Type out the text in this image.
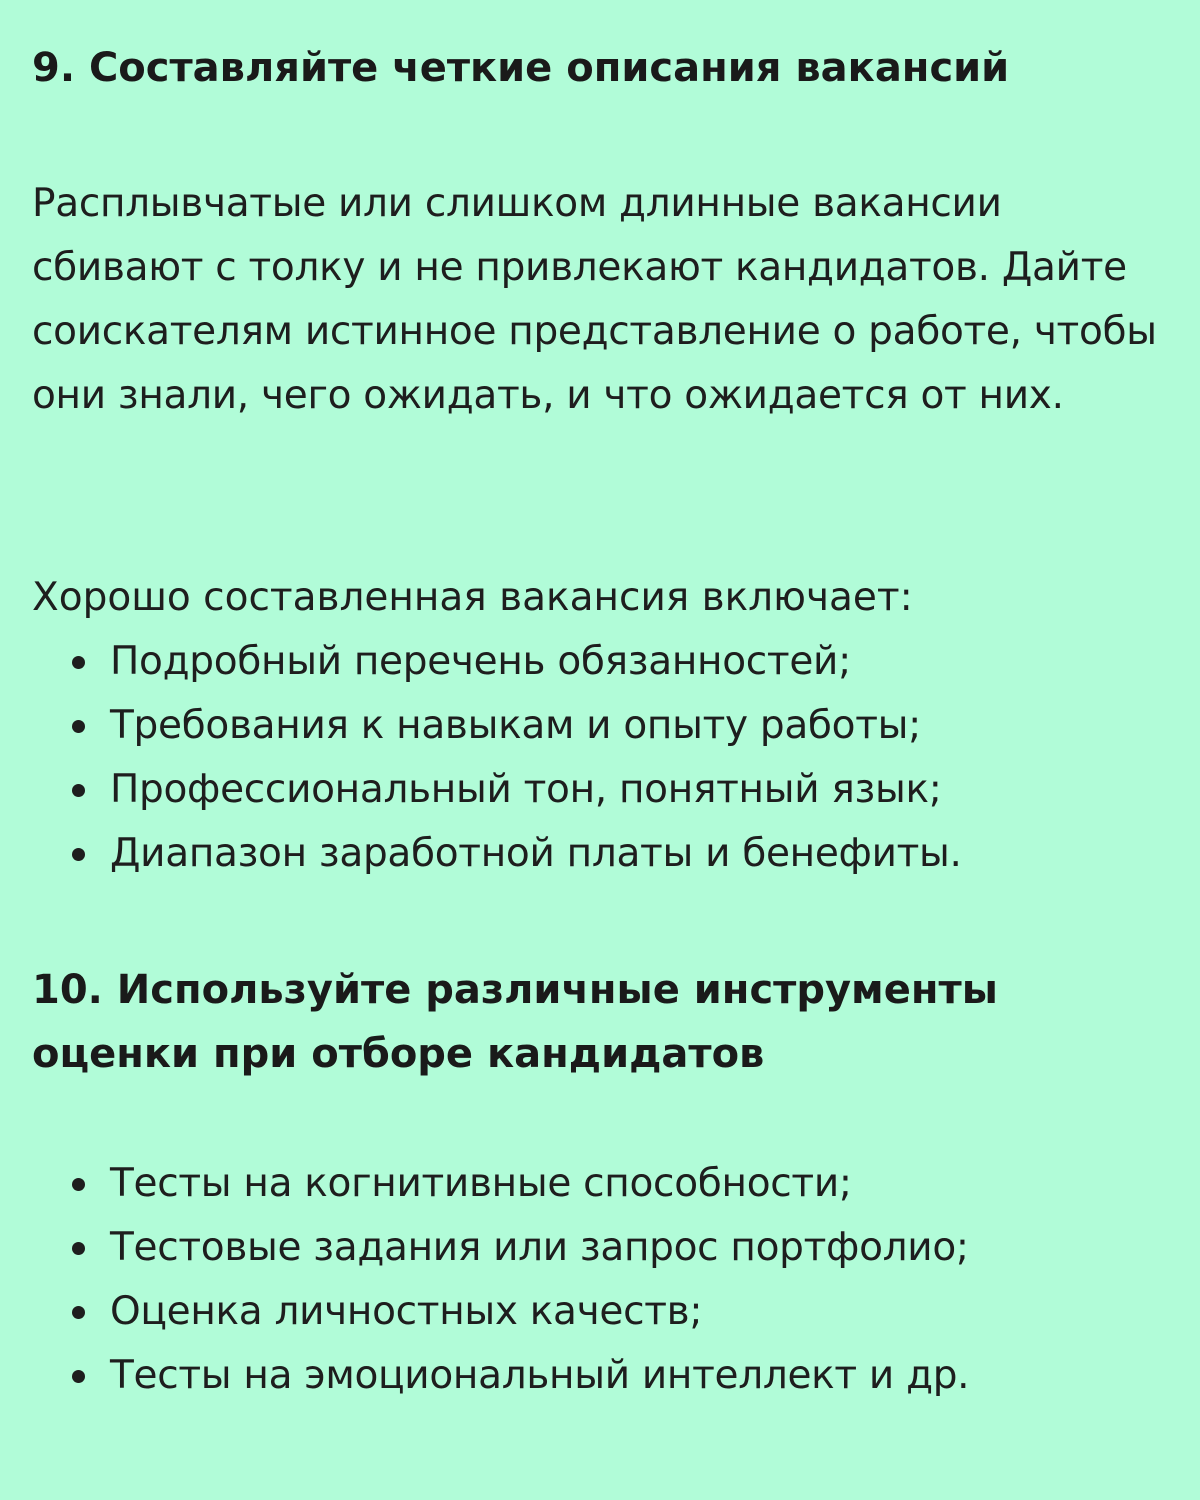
9. Составляйте четкие описания вакансий

Расплывчатые или слишком длинные вакансии сбивают с толку и не привлекают кандидатов. Дайте соискателям истинное представление о работе, чтобы они знали, чего ожидать, и что ожидается от них.

Хорошо составленная вакансия включает:

Подробный перечень обязанностей;
Требования к навыкам и опыту работы;
Профессиональный тон, понятный язык;
Диапазон заработной платы и бенефиты.
10. Используйте различные инструменты оценки при отборе кандидатов
Тесты на когнитивные способности;
Тестовые задания или запрос портфолио;
Оценка личностных качеств;
Тесты на эмоциональный интеллект и др.
